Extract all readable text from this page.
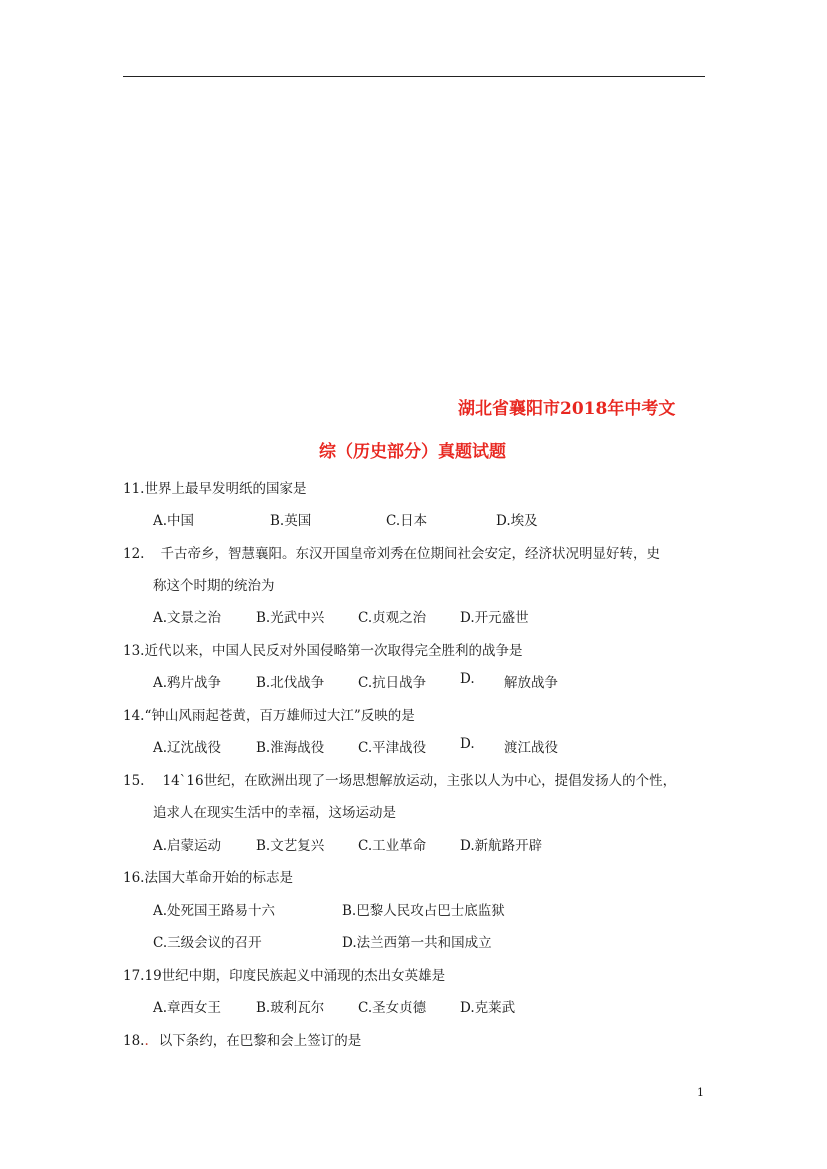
湖北省襄阳市2018年中考文
综（历史部分）真题试题
11.世界上最早发明纸的国家是
A.中国	B.英国	C.日本	D.埃及
12. 千古帝乡，智慧襄阳。东汉开国皇帝刘秀在位期间社会安定，经济状况明显好转，史
称这个时期的统治为
A.文景之治	B.光武中兴	C.贞观之治	D.开元盛世
13.近代以来，中国人民反对外国侵略第一次取得完全胜利的战争是
A.鸦片战争	B.北伐战争	C.抗日战争	D. 解放战争
14.“钟山风雨起苍黄，百万雄师过大江”反映的是
A.辽沈战役	B.淮海战役	C.平津战役	D. 渡江战役
15. 14`16世纪，在欧洲出现了一场思想解放运动，主张以人为中心，提倡发扬人的个性，
追求人在现实生活中的幸福，这场运动是
A.启蒙运动	B.文艺复兴	C.工业革命	D.新航路开辟
16.法国大革命开始的标志是
A.处死国王路易十六	B.巴黎人民攻占巴士底监狱
C.三级会议的召开	D.法兰西第一共和国成立
17.19世纪中期，印度民族起义中涌现的杰出女英雄是
A.章西女王	B.玻利瓦尔	C.圣女贞德	D.克莱武
18.. 以下条约，在巴黎和会上签订的是
1
